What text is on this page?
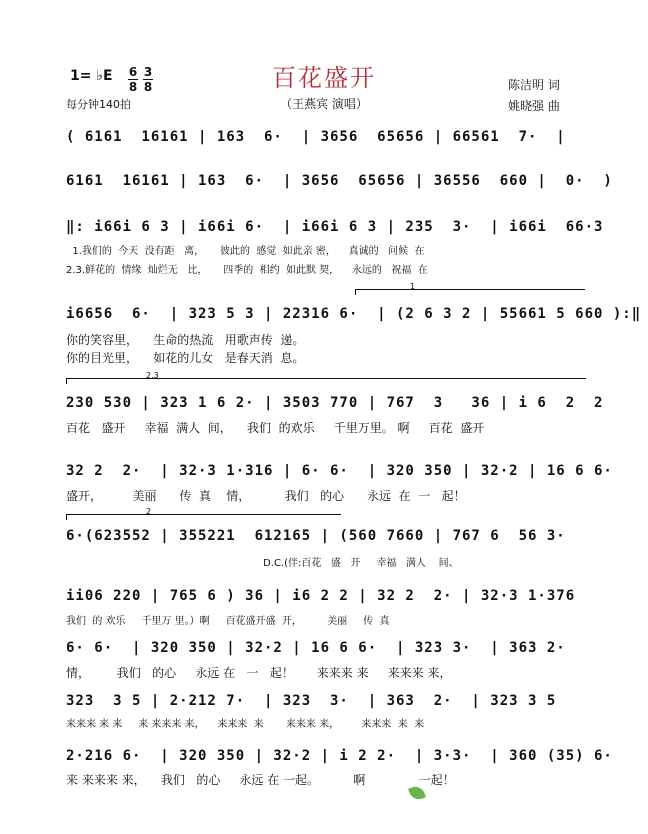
1= ♭E 6
8
3
8
每分钟140拍
百花盛开
（王燕宾 演唱）
陈洁明 词
姚晓强 曲
( 6161  16161 | 163  6·  | 3656  65656 | 66561  7·  |
6161  16161 | 163  6·  | 3656  65656 | 36556  660 |  0·  )
‖: i66i 6 3 | i66i 6·  | i66i 6 3 | 235  3·  | i66i  66·3
1.我们的  今天  没有距   离，     彼此的  感觉  如此亲 密，    真诚的   问候  在
2.3.鲜花的  情缘  灿烂无   比，     四季的  相约  如此默 契，    永远的   祝福  在
1
i6656  6·  | 323 5 3 | 22316 6·  | (2 6 3 2 | 55661 5 660 ):‖
你的笑容里，    生命的热流   用歌声传  递。
你的目光里，    如花的儿女   是春天消  息。
2.3
230 530 | 323 1 6 2· | 3503 770 | 767  3   36 | i 6  2  2
百花   盛开     幸福  满人  间，    我们  的欢乐     千里万里。 啊     百花  盛开
32 2  2·  | 32·3 1·316 | 6· 6·  | 320 350 | 32·2 | 16 6 6·
盛开，        美丽      传  真    情，         我们   的心      永远  在  一   起！
2
6·(623552 | 355221  612165 | (560 7660 | 767 6  56 3·
D.C.(伴:百花   盛   开     幸福   满人    间、
ii06 220 | 765 6 ) 36 | i6 2 2 | 32 2  2· | 32·3 1·376
我们  的 欢乐     千里万 里。）啊     百花盛开盛  开，        美丽     传  真
6· 6·  | 320 350 | 32·2 | 16 6 6·  | 323 3·  | 363 2·
情，       我们   的心     永远 在   一   起！      来来来 来     来来来 来，
323  3 5 | 2·212 7·  | 323  3·  | 363  2·  | 323 3 5
来来来 来 来     来 来来来 来，    来来来  来       来来来 来，       来来来  来  来
2·216 6·  | 320 350 | 32·2 | i 2 2·  | 3·3·  | 360 (35) 6·
来 来来来 来，    我们   的心     永远 在 一起。         啊              一起！
